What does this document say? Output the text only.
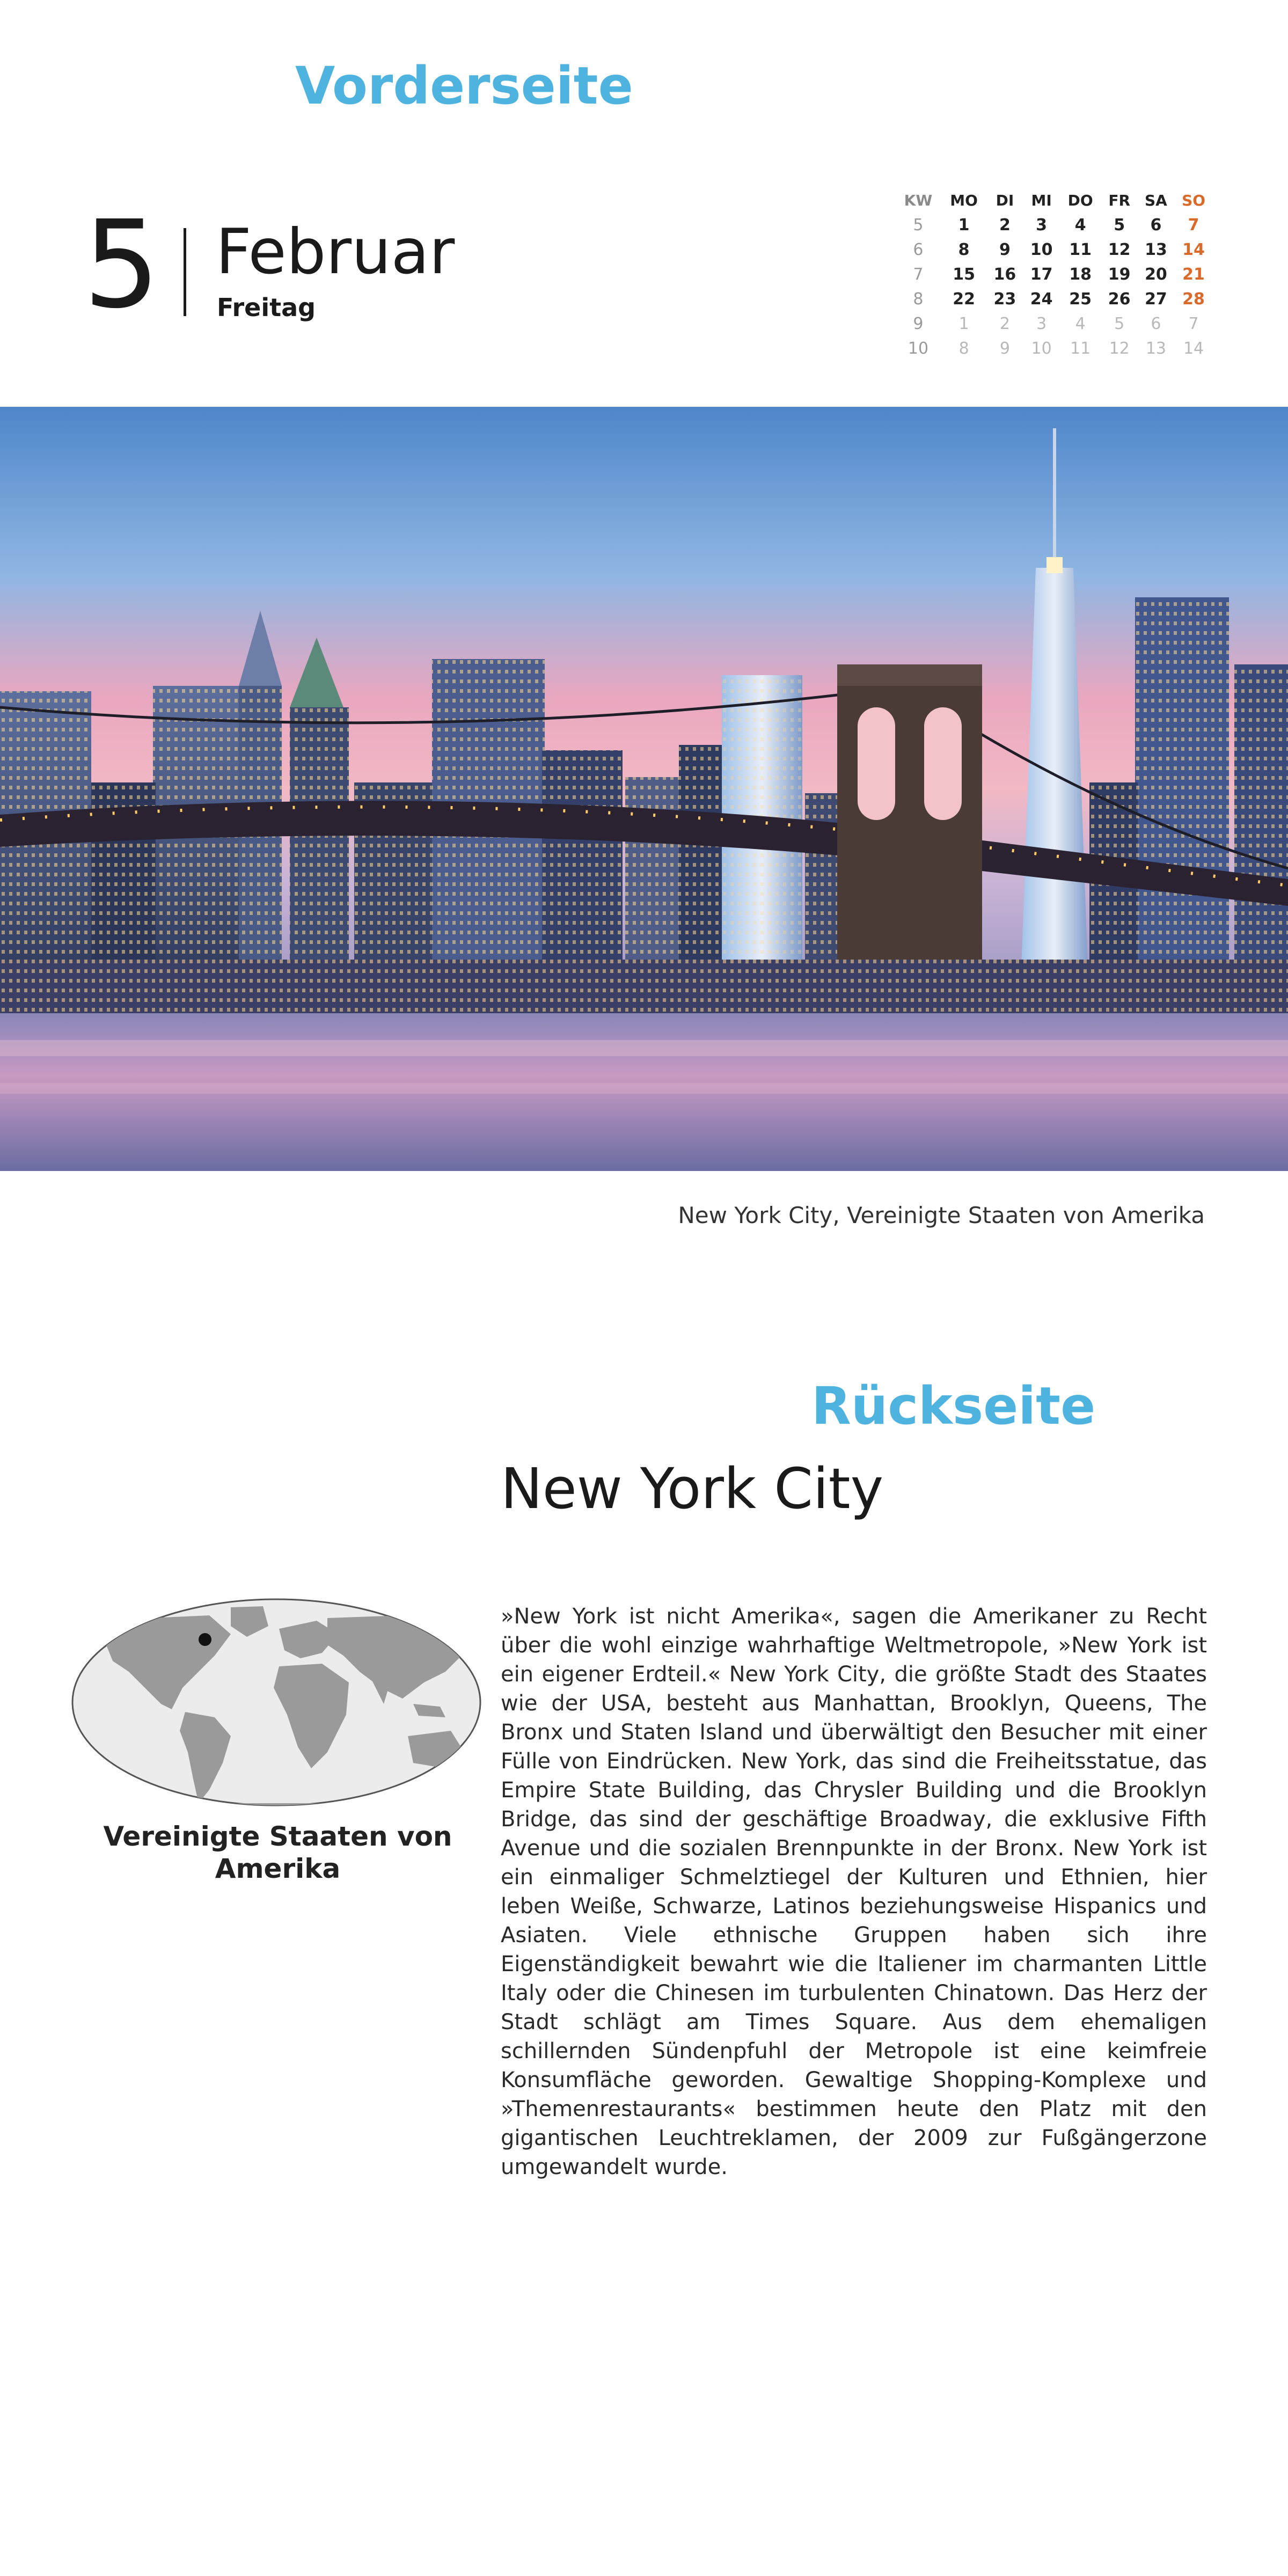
Vorderseite
5 Februar
Freitag
KW	MO	DI	MI	DO	FR	SA	SO
5	1	2	3	4	5	6	7
6	8	9	10	11	12	13	14
7	15	16	17	18	19	20	21
8	22	23	24	25	26	27	28
9	1	2	3	4	5	6	7
10	8	9	10	11	12	13	14
New York City, Vereinigte Staaten von Amerika
Rückseite
New York City
Vereinigte Staaten von Amerika

»New York ist nicht Amerika«, sagen die Amerikaner zu Recht über die wohl einzige wahrhaftige Weltmetropole, »New York ist ein eigener Erdteil.« New York City, die größte Stadt des Staates wie der USA, besteht aus Manhattan, Brooklyn, Queens, The Bronx und Staten Island und überwältigt den Besucher mit einer Fülle von Eindrücken. New York, das sind die Freiheitsstatue, das Empire State Building, das Chrysler Building und die Brooklyn Bridge, das sind der geschäftige Broadway, die exklusive Fifth Avenue und die sozialen Brennpunkte in der Bronx. New York ist ein einmaliger Schmelztiegel der Kulturen und Ethnien, hier leben Weiße, Schwarze, Latinos beziehungsweise Hispanics und Asiaten. Viele ethnische Gruppen haben sich ihre Eigenständigkeit bewahrt wie die Italiener im charmanten Little Italy oder die Chinesen im turbulenten Chinatown. Das Herz der Stadt schlägt am Times Square. Aus dem ehemaligen schillernden Sündenpfuhl der Metropole ist eine keimfreie Konsumfläche geworden. Gewaltige Shopping-Komplexe und »Themenrestaurants« bestimmen heute den Platz mit den gigantischen Leuchtreklamen, der 2009 zur Fußgängerzone umgewandelt wurde.
